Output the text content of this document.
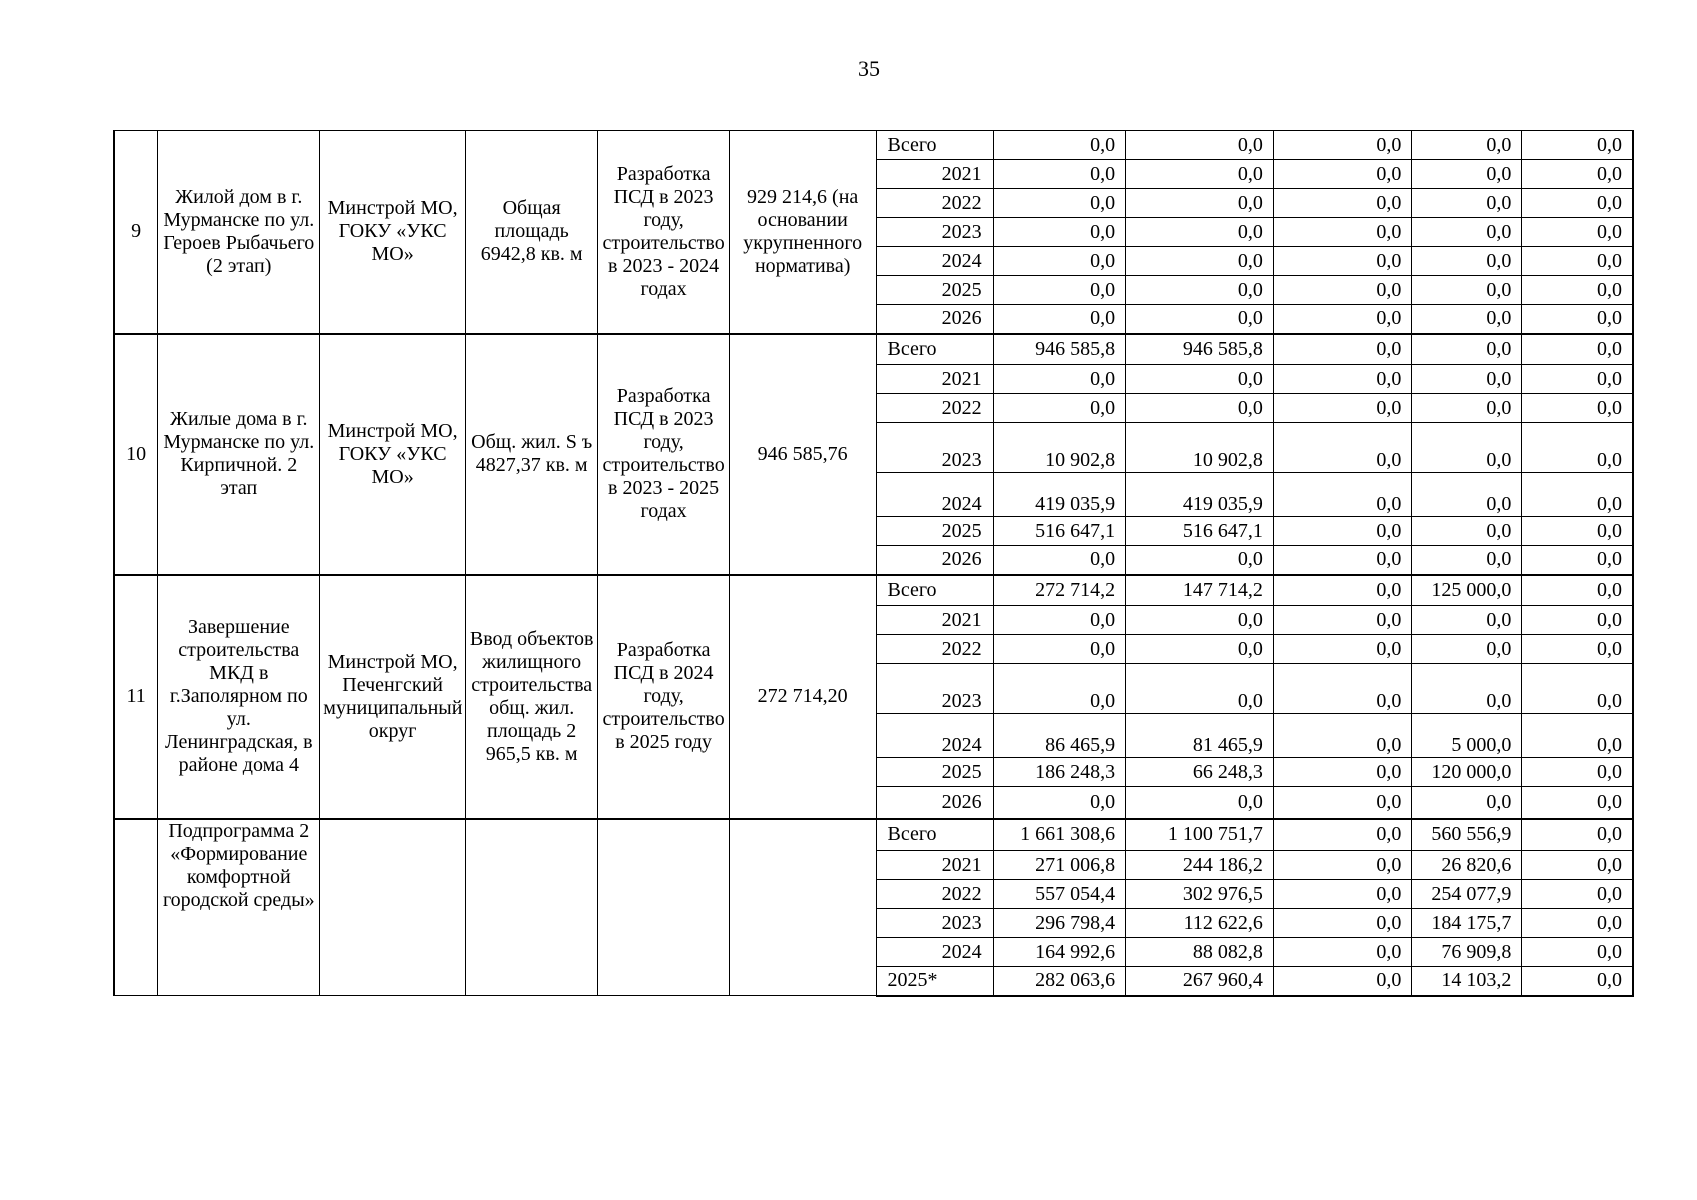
35
9	Жилой дом в г. Мурманске по ул. Героев Рыбачьего (2 этап)	Минстрой МО, ГОКУ «УКС МО»	Общая площадь 6942,8 кв. м	Разработка ПСД в 2023 году, строительство в 2023 - 2024 годах	929 214,6 (на основании укрупненного норматива)	Всего	0,0	0,0	0,0	0,0	0,0
						2021	0,0	0,0	0,0	0,0	0,0
						2022	0,0	0,0	0,0	0,0	0,0
						2023	0,0	0,0	0,0	0,0	0,0
						2024	0,0	0,0	0,0	0,0	0,0
						2025	0,0	0,0	0,0	0,0	0,0
						2026	0,0	0,0	0,0	0,0	0,0
10	Жилые дома в г. Мурманске по ул. Кирпичной. 2 этап	Минстрой МО, ГОКУ «УКС МО»	Общ. жил. S ъ 4827,37 кв. м	Разработка ПСД в 2023 году, строительство в 2023 - 2025 годах	946 585,76	Всего	946 585,8	946 585,8	0,0	0,0	0,0
						2021	0,0	0,0	0,0	0,0	0,0
						2022	0,0	0,0	0,0	0,0	0,0
						2023	10 902,8	10 902,8	0,0	0,0	0,0
						2024	419 035,9	419 035,9	0,0	0,0	0,0
						2025	516 647,1	516 647,1	0,0	0,0	0,0
						2026	0,0	0,0	0,0	0,0	0,0
11	Завершение строительства МКД в г.Заполярном по ул. Ленинградская, в районе дома 4	Минстрой МО, Печенгский муниципальный округ	Ввод объектов жилищного строительства общ. жил. площадь 2 965,5 кв. м	Разработка ПСД в 2024 году, строительство в 2025 году	272 714,20	Всего	272 714,2	147 714,2	0,0	125 000,0	0,0
						2021	0,0	0,0	0,0	0,0	0,0
						2022	0,0	0,0	0,0	0,0	0,0
						2023	0,0	0,0	0,0	0,0	0,0
						2024	86 465,9	81 465,9	0,0	5 000,0	0,0
						2025	186 248,3	66 248,3	0,0	120 000,0	0,0
						2026	0,0	0,0	0,0	0,0	0,0
	Подпрограмма 2 «Формирование комфортной городской среды»					Всего	1 661 308,6	1 100 751,7	0,0	560 556,9	0,0
						2021	271 006,8	244 186,2	0,0	26 820,6	0,0
						2022	557 054,4	302 976,5	0,0	254 077,9	0,0
						2023	296 798,4	112 622,6	0,0	184 175,7	0,0
						2024	164 992,6	88 082,8	0,0	76 909,8	0,0
						2025*	282 063,6	267 960,4	0,0	14 103,2	0,0
